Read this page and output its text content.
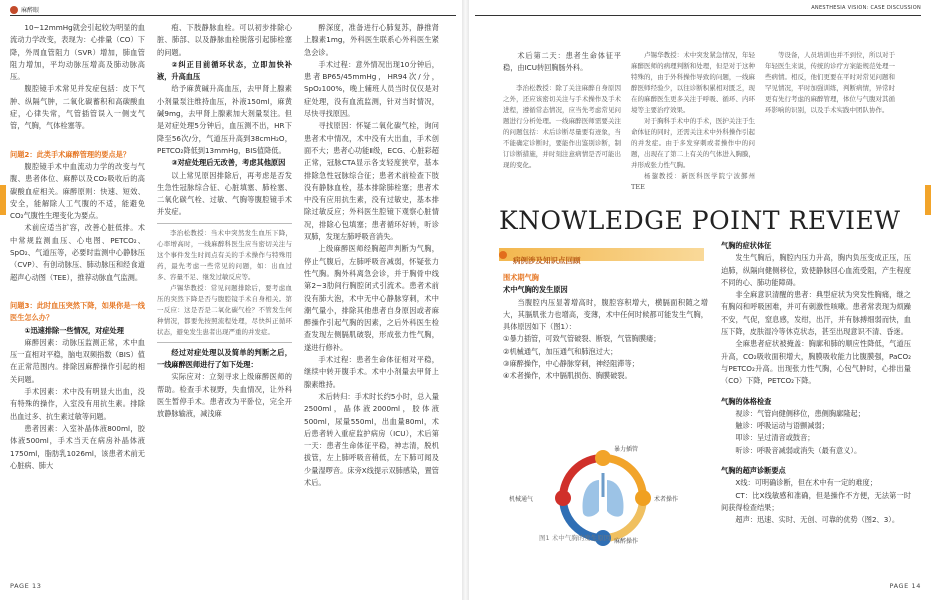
麻醉眼

10~12mmHg就会引起较为明显的血流动力学改变，表现为：心排量（CO）下降，外周血管阻力（SVR）增加，肺血管阻力增加，平均动脉压增高及肺动脉高压。

腹腔镜手术常见并发症包括：皮下气肿、纵隔气肿，二氧化碳蓄积和高碳酸血症，心律失常，气管插管误入一侧支气管，气胸，气体栓塞等。

问题2：此类手术麻醉管理的要点是？

腹腔镜手术中血流动力学的改变与气腹、患者体位、麻醉以及CO₂吸收后的高碳酸血症相关。麻醉原则：快速、短效、安全，能解除人工气腹的不适，能避免CO₂气腹性生理变化为要点。

术前应适当扩容，改善心脏低排。术中常规监测血压、心电图、PETCO₂、SpO₂、气道压等，必要时监测中心静脉压（CVP）、有创动脉压、肺动脉压和经食道超声心动图（TEE），推荐动脉血气监测。

问题3：此时血压突然下降，如果你是一线医生怎么办？

①迅速排除一些情况，对症处理

麻醉因素：动脉压监测正常，术中血压一直相对平稳，脑电双频指数（BIS）值在正常范围内。排除因麻醉操作引起的相关问题。

手术因素：术中没有明显大出血，没有特殊的操作，入室没有用抗生素。排除出血过多、抗生素过敏等问题。

患者因素：入室补晶体液800ml，胶体液500ml，手术当天在病房补晶体液1750ml，脂肪乳1026ml，该患者术前无心脏病、肺大

疱、下肢静脉血栓。可以初步排除心脏、肺部、以及静脉血栓脱落引起肺栓塞的问题。

②纠正目前循环状态，立即加快补液，升高血压

给予麻黄碱升高血压，去甲肾上腺素小剂量泵注维持血压，补液150ml，麻黄碱9mg，去甲肾上腺素加大剂量泵注。但是对症处理5分钟后，血压测不出，HR下降至56次/分，气道压升高到38cmH₂O，PETCO₂降低到13mmHg，BIS值降低。

③对症处理后无改善，考虑其他原因

以上常见原因排除后，再考虑是否发生急性冠脉综合征、心脏填塞、肺栓塞、二氧化碳气栓、过敏、气胸等腹腔镜手术并发症。

李治松教授：当术中突然发生血压下降，心率增高时，一线麻醉科医生应当密切关注与这个事件发生时间点有关的手术操作与特殊用药，最先考虑一些常见的问题，如：出血过多、容量不足、继发过敏反应等。

卢锡华教授：常见问题排除后，要考虑血压的突然下降是否与腹腔镜手术自身相关。第一反应：这是否是二氧化碳气栓？不管发生何种情况，都要先按照流程处理，尽快纠正循环状态，避免发生患者出现严重的并发症。

经过对症处理以及简单的判断之后，一线麻醉医师进行了如下处理：

实际应对：立刻寻求上级麻醉医师的帮助。检查手术视野，失血情况，让外科医生暂停手术。患者改为平卧位，完全开放静脉输液，减浅麻

醉深度，准备进行心肺复苏，静推肾上腺素1mg，外科医生联系心外科医生紧急会诊。

手术过程：意外情况出现10分钟后，患者BP65/45mmHg，HR94次/分，SpO₂100%，晚上辅班人员当时仅仅是对症处理，没有血流监测，针对当时情况，尽快寻找原因。

寻找原因：怀疑二氧化碳气栓，询问患者术中情况，术中没有大出血，手术创面不大；患者心功能Ⅱ级，ECG、心脏彩超正常，冠脉CTA显示各支轻度狭窄，基本排除急性冠脉综合征；患者术前检查下肢没有静脉血栓，基本排除肺栓塞；患者术中没有应用抗生素，没有过敏史，基本排除过敏反应；外科医生腔镜下观察心脏情况，排除心包填塞；患者循环好转，听诊双肺，发现左肺呼吸音消失。

上级麻醉医师经胸超声判断为气胸，停止气腹后，左肺呼吸音减弱，怀疑张力性气胸。胸外科离急会诊，并于胸骨中线第2~3肋间行胸腔闭式引流术。患者术前没有肺大泡，术中无中心静脉穿刺，术中潮气量小，排除其他患者自身原因或者麻醉操作引起气胸的因素，之后外科医生检查发现左侧膈肌破裂，形成张力性气胸，遂进行修补。

手术过程：患者生命体征相对平稳，继续中转开腹手术。术中小剂量去甲肾上腺素维持。

术后转归：手术时长约5小时，总入量2500ml，晶体液2000ml，胶体液500ml，尿量550ml，出血量80ml，术后患者转入重症监护病房（ICU），术后第一天：患者生命体征平稳，神志清，脱机拔管，左上肺呼吸音稍低，左下肺可闻及少量湿啰音。床旁X线提示双肺感染，置管术后。

PAGE 13
ANESTHESIA VISION: CASE DISCUSSION

术后第二天：患者生命体征平稳，由ICU转回胸肠外科。

李治松教授：除了关注麻醉自身原因之外，还应该密切关注与手术操作及手术进程，遵循常态情况，应当先考虑常见问题进行分析处理。一线麻醉医师需要关注的问题包括：术后诊断尽量要有迹象，当不能确定诊断时，要能作出鉴别诊断，制订诊断措施，并时刻注意病情是否可能出现的变化。

卢锡华教授：术中突发紧急情况，年轻麻醉医师的病理判断和处理，但是对于这种特殊的，由于外科操作导致的问题，一线麻醉医师经验少，以往诊断积累相对匮乏，现在的麻醉医生更多关注于呼吸、循环、内环境等主要治疗效果。

对于胸科手术中的手术，医护关注于生命体征的同时，还需关注术中外科操作引起的并发症。由于多发穿刺或者操作中的问题，出现在了第二上有关的气体进入胸膜，并形成张力性气胸。

杨鋆教授：新医科医学院宁波鄞州TEE

等设备，人员培训也并不到位，所以对于年轻医生来说，传统的诊疗方案能规范处理一些病情。相反，他们更要在平时对常见问题和罕见情况，平时加强训练，判断病情，异常时更有先行考虑的麻醉管理，体位与气腹对其循环影响的识别，以及手术实践中团队协作。

KNOWLEDGE POINT REVIEW
病例涉及知识点回顾

围术期气胸

术中气胸的发生原因

当腹腔内压显著增高时，腹腔容积增大，横膈面积随之增大，其膈肌张力也增高，变薄，术中任何时候都可能发生气胸，具体原因如下（图1）：

①暴力插管，可致气管破裂、断裂，气管胸膜瘘；

②机械通气，加压通气和肺泡过大；

③麻醉操作，中心静脉穿刺，神经阻滞等；

④术者操作，术中膈肌损伤、胸膜破裂。

暴力插管
机械通气	术者操作
麻醉操作
图1 术中气胸的发生原因

气胸的症状体征

发生气胸后，胸腔内压力升高，胸内负压变成正压，压迫肺，纵隔向健侧移位，致使静脉回心血流受阻，产生程度不同的心、肺功能障碍。

非全麻意识清醒的患者：典型症状为突发性胸痛，继之有胸闷和呼吸困难，并可有刺激性咳嗽。患者常表现为烦躁不安，气促，窒息感，发绀，出汗，并有脉搏细弱而快，血压下降，皮肤湿冷等休克状态，甚至出现意识不清、昏迷。

全麻患者症状被掩盖：胸廓和肺的顺应性降低，气道压升高，CO₂吸收面积增大，胸膜吸收能力比腹膜强，PaCO₂与PETCO₂升高。出现张力性气胸，心包气肿时，心排出量（CO）下降，PETCO₂下降。

气胸的体格检查

视诊：气管向健侧移位，患侧胸廓隆起；

触诊：呼吸运动与语颤减弱；

叩诊：呈过清音或鼓音；

听诊：呼吸音减弱或消失（最有意义）。

气胸的超声诊断要点

X线：可明确诊断，但在术中有一定的难度；

CT：比X线敏感和准确，但是操作不方便，无法第一时间获得检查结果；

超声：迅速、实时、无创、可靠的优势（图2、3）。

PAGE 14
